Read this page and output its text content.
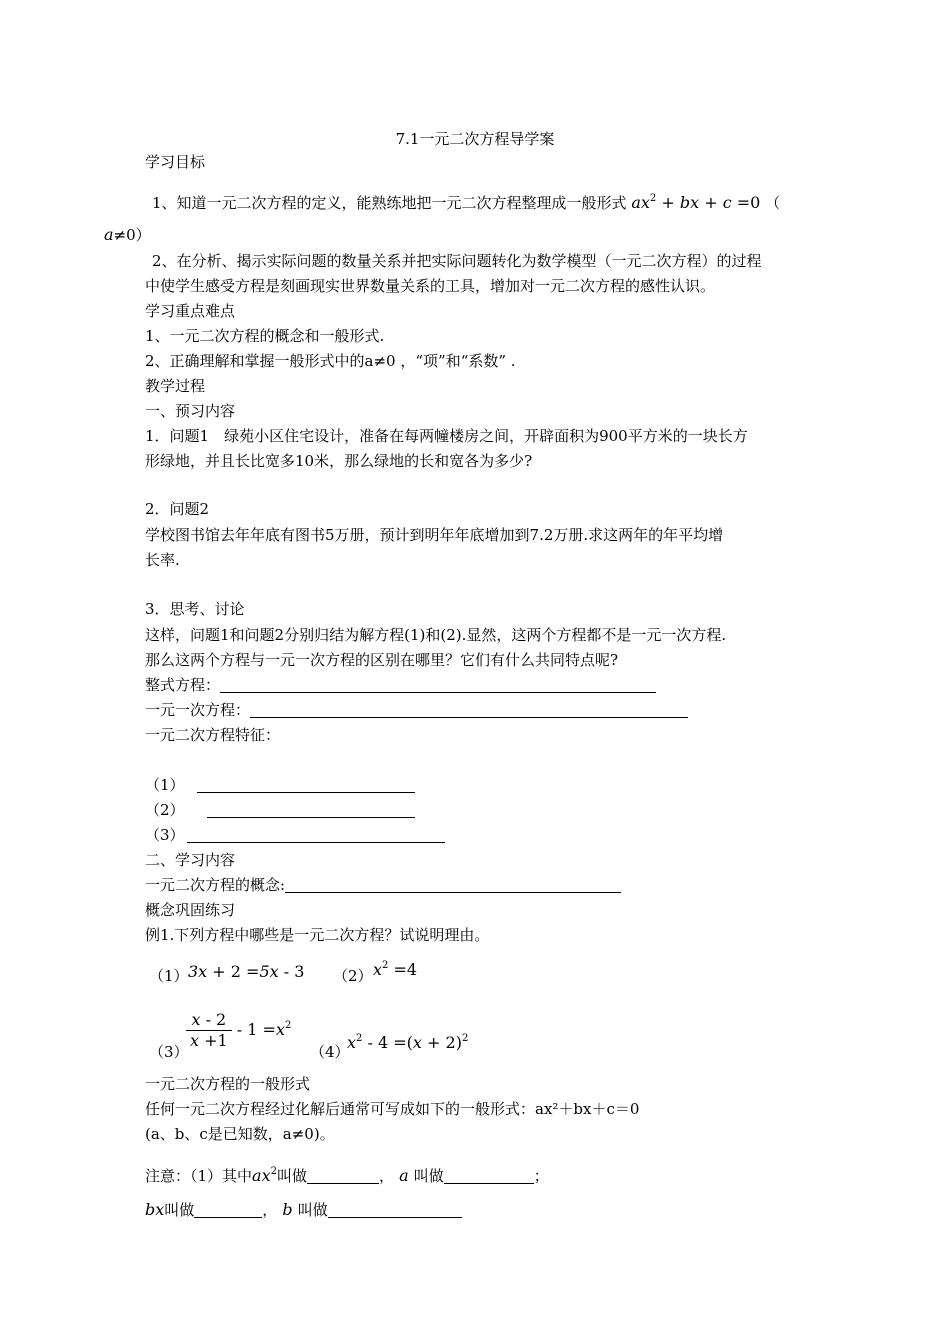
7.1一元二次方程导学案
学习目标
1、知道一元二次方程的定义，能熟练地把一元二次方程整理成一般形式 $ax^2$ + bx + c =0 （
a≠0）
2、在分析、揭示实际问题的数量关系并把实际问题转化为数学模型（一元二次方程）的过程
中使学生感受方程是刻画现实世界数量关系的工具，增加对一元二次方程的感性认识。
学习重点难点
1、一元二次方程的概念和一般形式.
2、正确理解和掌握一般形式中的a≠0 ，“项”和“系数” .
教学过程
一、预习内容
1．问题1　绿苑小区住宅设计，准备在每两幢楼房之间，开辟面积为900平方米的一块长方
形绿地，并且长比宽多10米，那么绿地的长和宽各为多少?
2．问题2
学校图书馆去年年底有图书5万册，预计到明年年底增加到7.2万册.求这两年的年平均增
长率.
3．思考、讨论
这样，问题1和问题2分别归结为解方程(1)和(2).显然，这两个方程都不是一元一次方程.
那么这两个方程与一元一次方程的区别在哪里？它们有什么共同特点呢?
整式方程：
一元一次方程：
一元二次方程特征：
（1）
（2）
（3）
二、学习内容
一元二次方程的概念:
概念巩固练习
例1.下列方程中哪些是一元二次方程？试说明理由。
（1） 3x + 2 =5x - 3 （2） $x^2 =4$
（3）
$\frac{x - 2}{x +1} - 1 =x^2$
（4）
$x^2 - 4 =(x + 2)^2$
一元二次方程的一般形式
任何一元二次方程经过化解后通常可写成如下的一般形式：ax²＋bx＋c＝0
(a、b、c是已知数，a≠0)。
注意：（1）其中$ax^2$叫做	， a 叫做	；
bx叫做	， b 叫做
